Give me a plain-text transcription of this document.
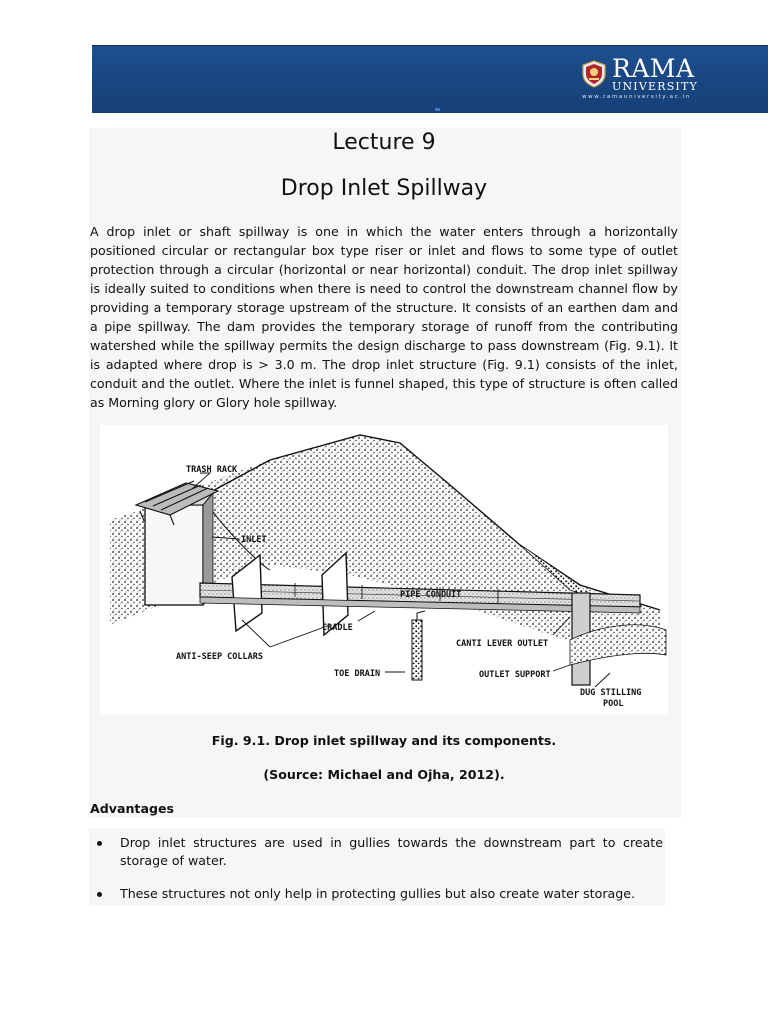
RAMA
UNIVERSITY
www.ramauniversity.ac.in
Lecture 9
Drop Inlet Spillway
A drop inlet or shaft spillway is one in which the water enters through a horizontally positioned circular or rectangular box type riser or inlet and flows to some type of outlet protection through a circular (horizontal or near horizontal) conduit. The drop inlet spillway is ideally suited to conditions when there is need to control the downstream channel flow by providing a temporary storage upstream of the structure. It consists of an earthen dam and a pipe spillway. The dam provides the temporary storage of runoff from the contributing watershed while the spillway permits the design discharge to pass downstream (Fig. 9.1). It is adapted where drop is > 3.0 m. The drop inlet structure (Fig. 9.1) consists of the inlet, conduit and the outlet. Where the inlet is funnel shaped, this type of structure is often called as Morning glory or Glory hole spillway.
TRASH RACK
INLET
PIPE CONDUIT
CRADLE
ANTI-SEEP COLLARS
TOE DRAIN
CANTI LEVER OUTLET
OUTLET SUPPORT
DUG STILLING
POOL
Fig. 9.1. Drop inlet spillway and its components.
(Source: Michael and Ojha, 2012).
Advantages
Drop inlet structures are used in gullies towards the downstream part to create storage of water.
These structures not only help in protecting gullies but also create water storage.
